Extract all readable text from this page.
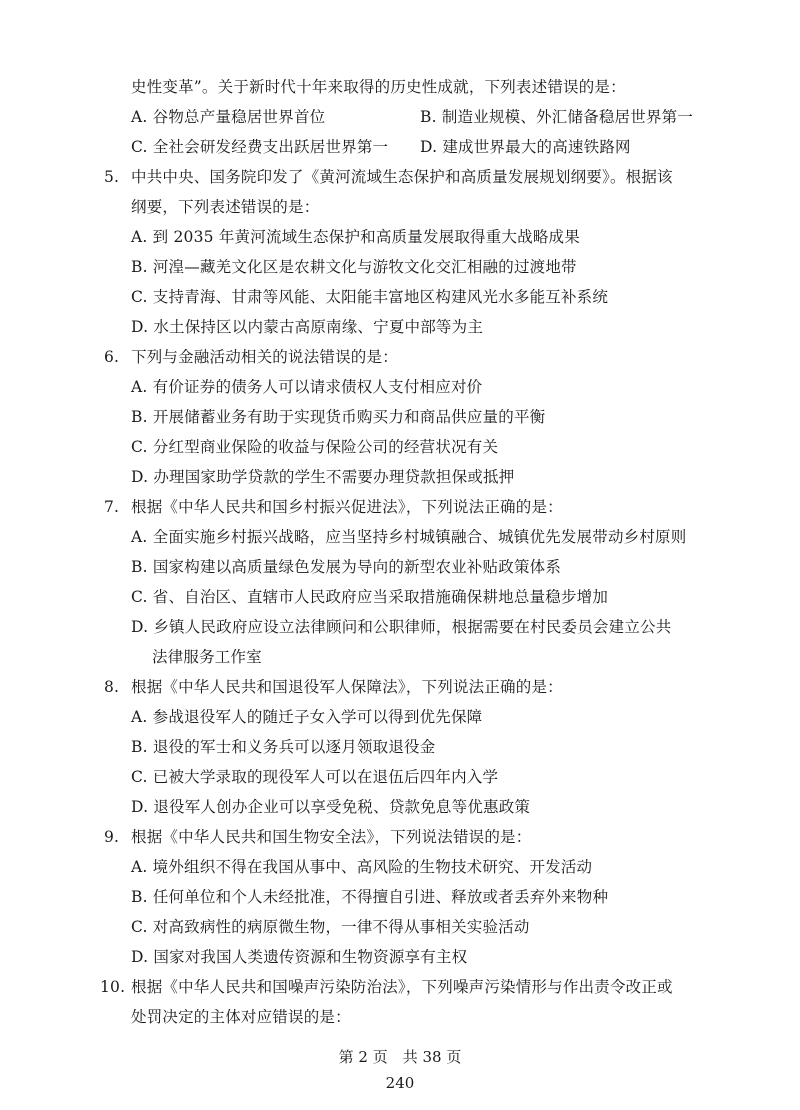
史性变革”。关于新时代十年来取得的历史性成就，下列表述错误的是：
A. 谷物总产量稳居世界首位	B. 制造业规模、外汇储备稳居世界第一
C. 全社会研发经费支出跃居世界第一 D. 建成世界最大的高速铁路网
5. 中共中央、国务院印发了《黄河流域生态保护和高质量发展规划纲要》。根据该
纲要，下列表述错误的是：
A. 到 2035 年黄河流域生态保护和高质量发展取得重大战略成果
B. 河湟—藏羌文化区是农耕文化与游牧文化交汇相融的过渡地带
C. 支持青海、甘肃等风能、太阳能丰富地区构建风光水多能互补系统
D. 水土保持区以内蒙古高原南缘、宁夏中部等为主
6. 下列与金融活动相关的说法错误的是：
A. 有价证券的债务人可以请求债权人支付相应对价
B. 开展储蓄业务有助于实现货币购买力和商品供应量的平衡
C. 分红型商业保险的收益与保险公司的经营状况有关
D. 办理国家助学贷款的学生不需要办理贷款担保或抵押
7. 根据《中华人民共和国乡村振兴促进法》，下列说法正确的是：
A. 全面实施乡村振兴战略，应当坚持乡村城镇融合、城镇优先发展带动乡村原则
B. 国家构建以高质量绿色发展为导向的新型农业补贴政策体系
C. 省、自治区、直辖市人民政府应当采取措施确保耕地总量稳步增加
D. 乡镇人民政府应设立法律顾问和公职律师，根据需要在村民委员会建立公共
法律服务工作室
8. 根据《中华人民共和国退役军人保障法》，下列说法正确的是：
A. 参战退役军人的随迁子女入学可以得到优先保障
B. 退役的军士和义务兵可以逐月领取退役金
C. 已被大学录取的现役军人可以在退伍后四年内入学
D. 退役军人创办企业可以享受免税、贷款免息等优惠政策
9. 根据《中华人民共和国生物安全法》，下列说法错误的是：
A. 境外组织不得在我国从事中、高风险的生物技术研究、开发活动
B. 任何单位和个人未经批准，不得擅自引进、释放或者丢弃外来物种
C. 对高致病性的病原微生物，一律不得从事相关实验活动
D. 国家对我国人类遗传资源和生物资源享有主权
10. 根据《中华人民共和国噪声污染防治法》，下列噪声污染情形与作出责令改正或
处罚决定的主体对应错误的是：
第 2 页　共 38 页
240
